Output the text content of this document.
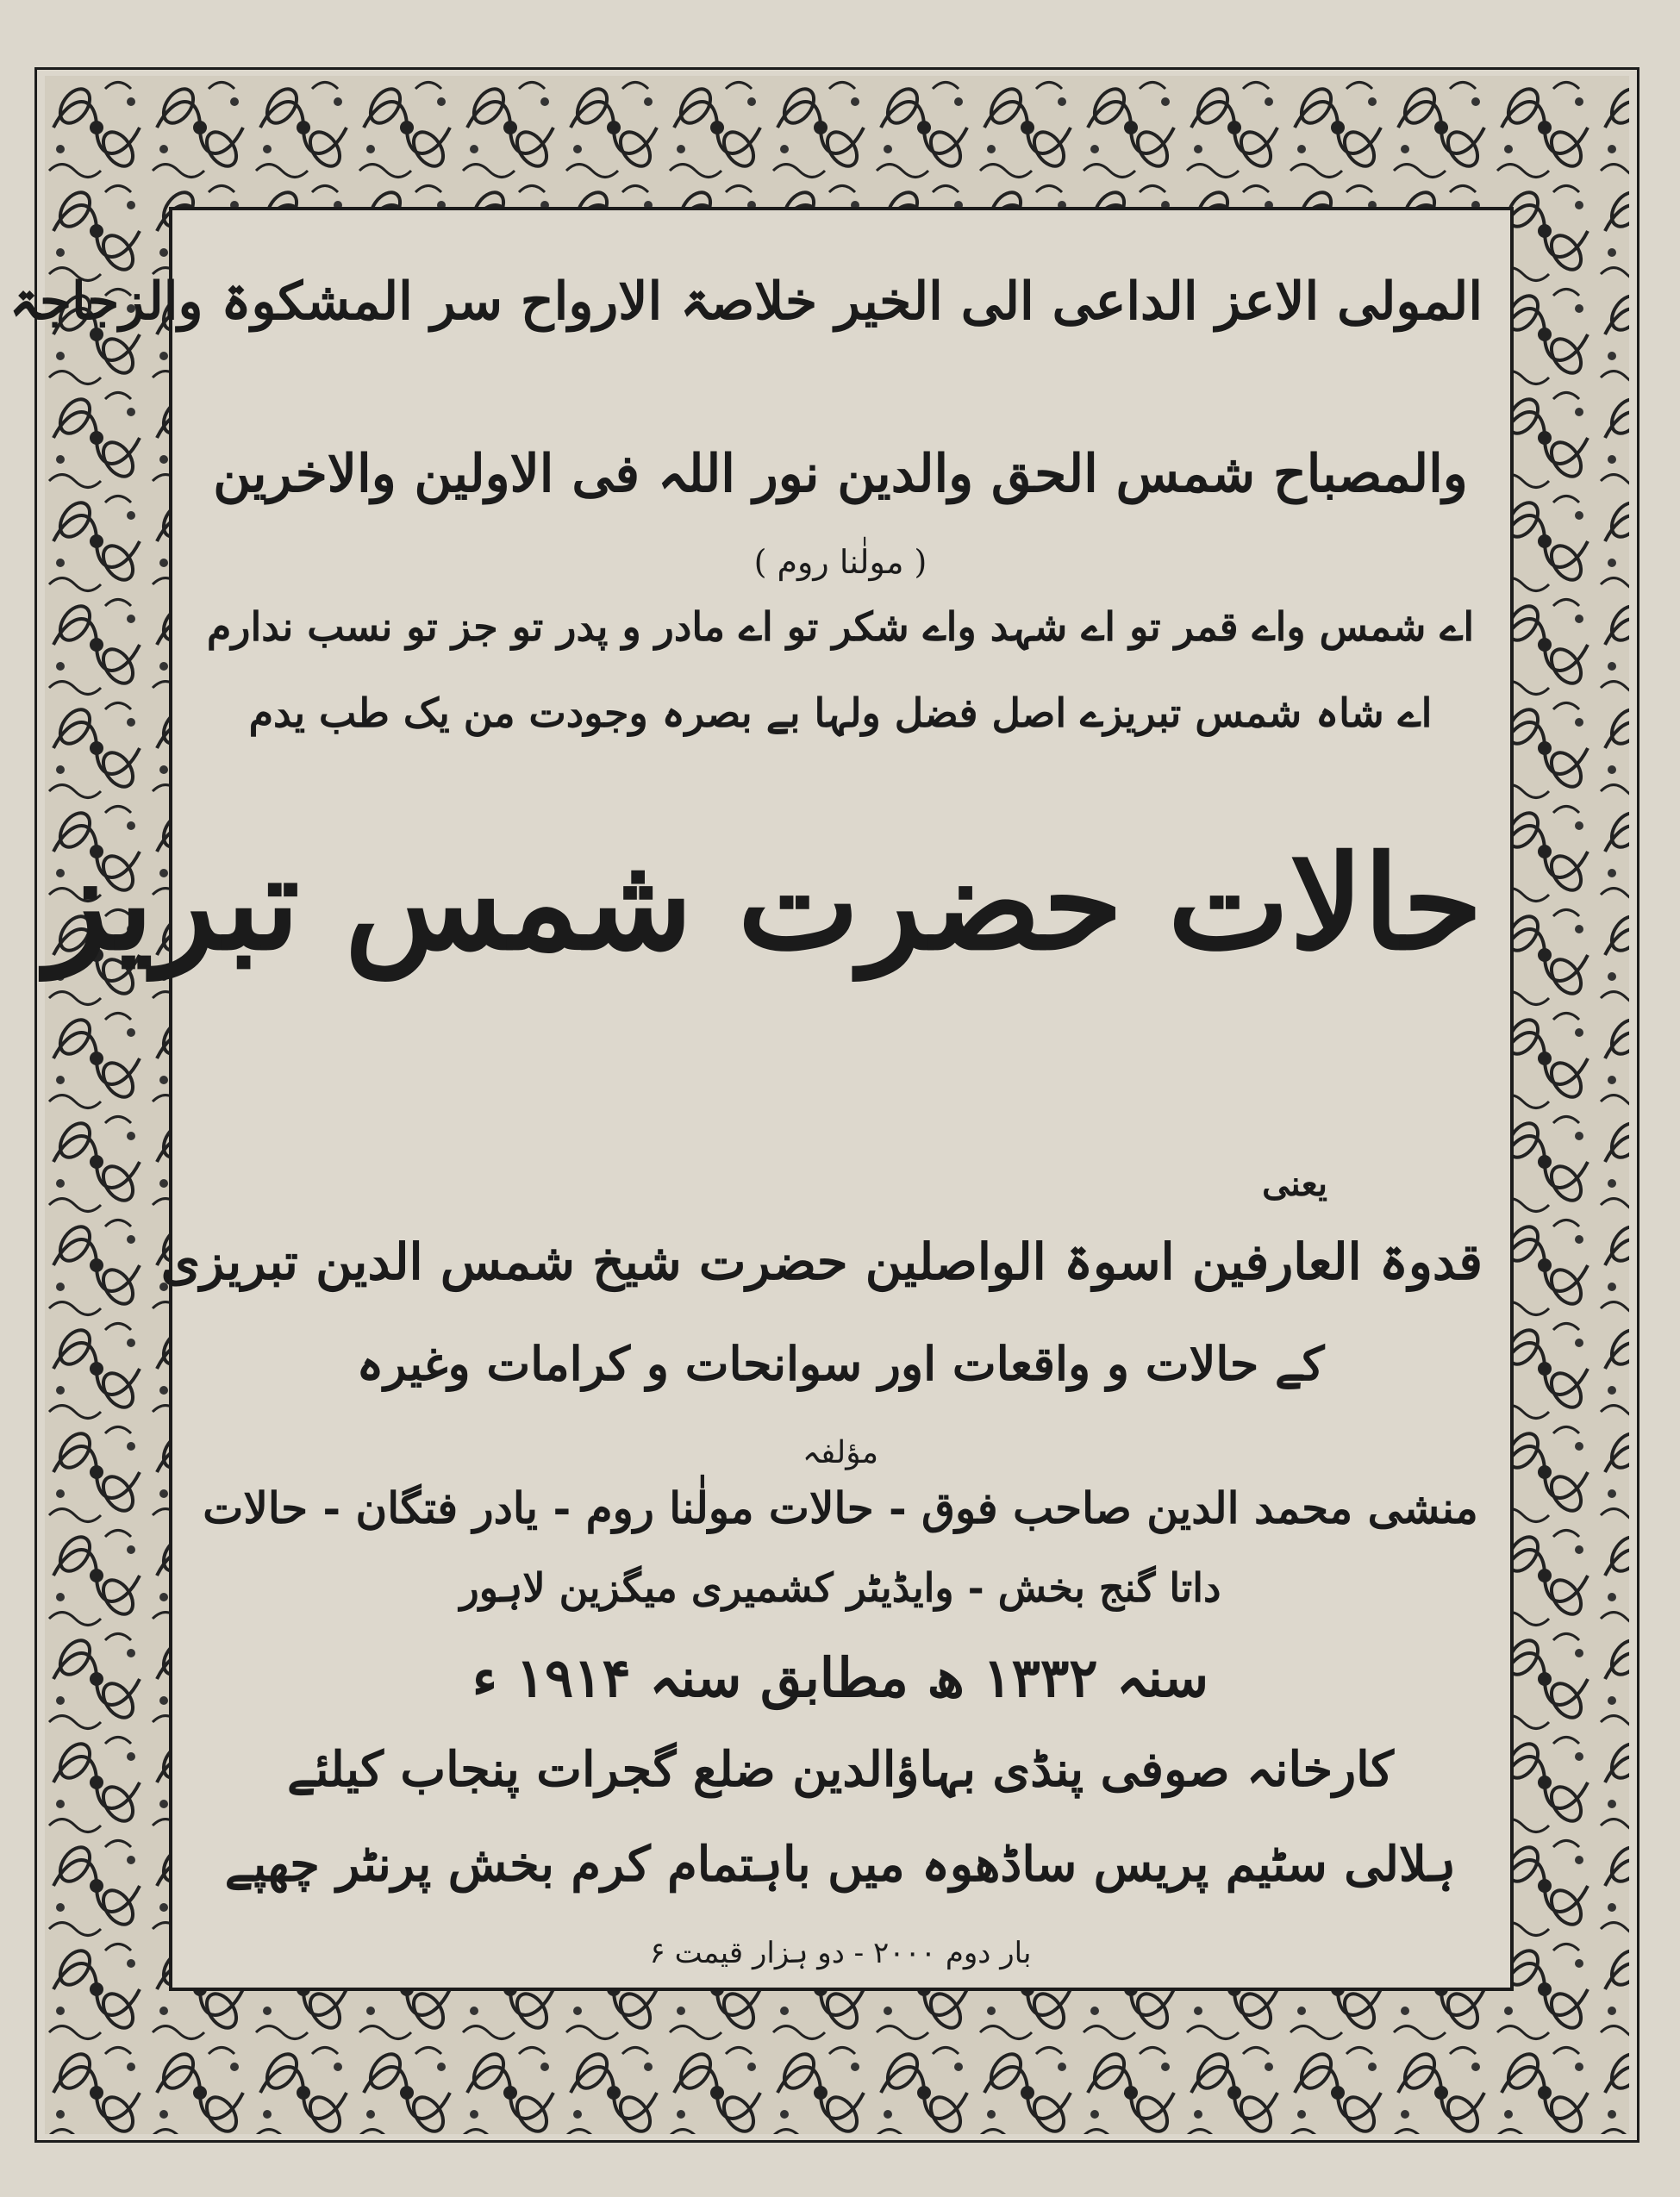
المولی الاعز الداعی الی الخیر خلاصۃ الارواح سر المشکوۃ والزجاجۃ
والمصباح شمس الحق والدین نور اللہ فی الاولین والاخرین
( مولٰنا روم )
اے شمس واے قمر تو اے شہد واے شکر تو اے مادر و پدر تو جز تو نسب ندارم
اے شاہ شمس تبریزے اصل فضل ولہا بے بصرہ وجودت من یک طب یدم
حالات حضرت شمس تبریز
یعنی
قدوۃ العارفین اسوۃ الواصلین حضرت شیخ شمس الدین تبریزی
کے حالات و واقعات اور سوانحات و کرامات وغیرہ
مؤلفہ
منشی محمد الدین صاحب فوق - حالات مولٰنا روم - یادر فتگان - حالات
داتا گنج بخش - وایڈیٹر کشمیری میگزین لاہور
سنہ ۱۳۳۲ ھ مطابق سنہ ۱۹۱۴ ء
کارخانہ صوفی پنڈی بہاؤالدین ضلع گجرات پنجاب کیلئے
ہلالی سٹیم پریس ساڈھوہ میں باہتمام کرم بخش پرنٹر چھپے
بار دوم ۲۰۰۰ - دو ہزار قیمت ۶
